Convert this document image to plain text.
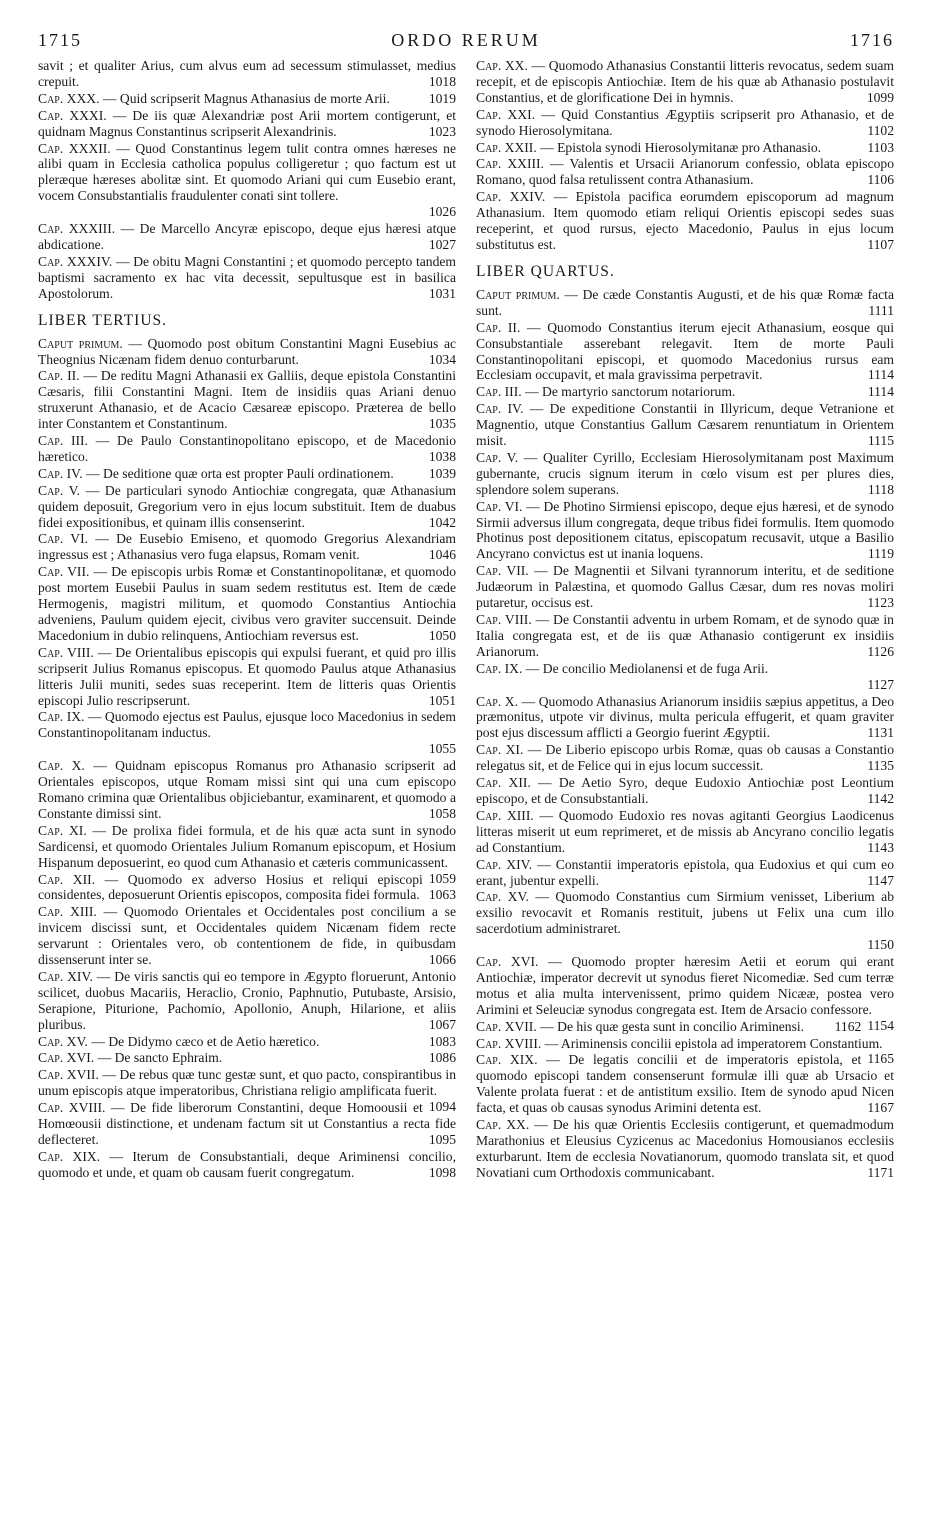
1715	ORDO RERUM	1716

savit ; et qualiter Arius, cum alvus eum ad secessum stimulasset, medius crepuit.	1018

Cap. XXX. — Quid scripserit Magnus Athanasius de morte Arii.	1019

Cap. XXXI. — De iis quæ Alexandriæ post Arii mortem contigerunt, et quidnam Magnus Constantinus scripserit Alexandrinis.	1023

Cap. XXXII. — Quod Constantinus legem tulit contra omnes hæreses ne alibi quam in Ecclesia catholica populus colligeretur ; quo factum est ut pleræque hæreses abolitæ sint. Et quomodo Ariani qui cum Eusebio erant, vocem Consubstantialis fraudulenter conati sint tollere.
1026

Cap. XXXIII. — De Marcello Ancyræ episcopo, deque ejus hæresi atque abdicatione.	1027

Cap. XXXIV. — De obitu Magni Constantini ; et quomodo percepto tandem baptismi sacramento ex hac vita decessit, sepultusque est in basilica Apostolorum.	1031

LIBER TERTIUS.

Caput primum. — Quomodo post obitum Constantini Magni Eusebius ac Theognius Nicænam fidem denuo conturbarunt.	1034

Cap. II. — De reditu Magni Athanasii ex Galliis, deque epistola Constantini Cæsaris, filii Constantini Magni. Item de insidiis quas Ariani denuo struxerunt Athanasio, et de Acacio Cæsareæ episcopo. Præterea de bello inter Constantem et Constantinum.	1035

Cap. III. — De Paulo Constantinopolitano episcopo, et de Macedonio hæretico.	1038

Cap. IV. — De seditione quæ orta est propter Pauli ordinationem.	1039

Cap. V. — De particulari synodo Antiochiæ congregata, quæ Athanasium quidem deposuit, Gregorium vero in ejus locum substituit. Item de duabus fidei expositionibus, et quinam illis consenserint.	1042

Cap. VI. — De Eusebio Emiseno, et quomodo Gregorius Alexandriam ingressus est ; Athanasius vero fuga elapsus, Romam venit.	1046

Cap. VII. — De episcopis urbis Romæ et Constantinopolitanæ, et quomodo post mortem Eusebii Paulus in suam sedem restitutus est. Item de cæde Hermogenis, magistri militum, et quomodo Constantius Antiochia adveniens, Paulum quidem ejecit, civibus vero graviter succensuit. Deinde Macedonium in dubio relinquens, Antiochiam reversus est.	1050

Cap. VIII. — De Orientalibus episcopis qui expulsi fuerant, et quid pro illis scripserit Julius Romanus episcopus. Et quomodo Paulus atque Athanasius litteris Julii muniti, sedes suas receperint. Item de litteris quas Orientis episcopi Julio rescripserunt.	1051

Cap. IX. — Quomodo ejectus est Paulus, ejusque loco Macedonius in sedem Constantinopolitanam inductus.
1055

Cap. X. — Quidnam episcopus Romanus pro Athanasio scripserit ad Orientales episcopos, utque Romam missi sint qui una cum episcopo Romano crimina quæ Orientalibus objiciebantur, examinarent, et quomodo a Constante dimissi sint.	1058

Cap. XI. — De prolixa fidei formula, et de his quæ acta sunt in synodo Sardicensi, et quomodo Orientales Julium Romanum episcopum, et Hosium Hispanum deposuerint, eo quod cum Athanasio et cæteris communicassent.
1059

Cap. XII. — Quomodo ex adverso Hosius et reliqui episcopi considentes, deposuerunt Orientis episcopos, composita fidei formula. 1063

Cap. XIII. — Quomodo Orientales et Occidentales post concilium a se invicem discissi sunt, et Occidentales quidem Nicænam fidem recte servarunt : Orientales vero, ob contentionem de fide, in quibusdam dissenserunt inter se.	1066

Cap. XIV. — De viris sanctis qui eo tempore in Ægypto floruerunt, Antonio scilicet, duobus Macariis, Heraclio, Cronio, Paphnutio, Putubaste, Arsisio, Serapione, Piturione, Pachomio, Apollonio, Anuph, Hilarione, et aliis pluribus.	1067

Cap. XV. — De Didymo cæco et de Aetio hæretico.	1083

Cap. XVI. — De sancto Ephraim.	1086

Cap. XVII. — De rebus quæ tunc gestæ sunt, et quo pacto, conspirantibus in unum episcopis atque imperatoribus, Christiana religio amplificata fuerit.
1094

Cap. XVIII. — De fide liberorum Constantini, deque Homoousii et Homœousii distinctione, et undenam factum sit ut Constantius a recta fide deflecteret.	1095

Cap. XIX. — Iterum de Consubstantiali, deque Ariminensi concilio, quomodo et unde, et quam ob causam fuerit congregatum.	1098

Cap. XX. — Quomodo Athanasius Constantii litteris revocatus, sedem suam recepit, et de episcopis Antiochiæ. Item de his quæ ab Athanasio postulavit Constantius, et de glorificatione Dei in hymnis.	1099

Cap. XXI. — Quid Constantius Ægyptiis scripserit pro Athanasio, et de synodo Hierosolymitana.	1102

Cap. XXII. — Epistola synodi Hierosolymitanæ pro Athanasio.	1103

Cap. XXIII. — Valentis et Ursacii Arianorum confessio, oblata episcopo Romano, quod falsa retulissent contra Athanasium.	1106

Cap. XXIV. — Epistola pacifica eorumdem episcoporum ad magnum Athanasium. Item quomodo etiam reliqui Orientis episcopi sedes suas receperint, et quod rursus, ejecto Macedonio, Paulus in ejus locum substitutus est.	1107

LIBER QUARTUS.

Caput primum. — De cæde Constantis Augusti, et de his quæ Romæ facta sunt.	1111

Cap. II. — Quomodo Constantius iterum ejecit Athanasium, eosque qui Consubstantiale asserebant relegavit. Item de morte Pauli Constantinopolitani episcopi, et quomodo Macedonius rursus eam Ecclesiam occupavit, et mala gravissima perpetravit.	1114

Cap. III. — De martyrio sanctorum notariorum.	1114

Cap. IV. — De expeditione Constantii in Illyricum, deque Vetranione et Magnentio, utque Constantius Gallum Cæsarem renuntiatum in Orientem misit.	1115

Cap. V. — Qualiter Cyrillo, Ecclesiam Hierosolymitanam post Maximum gubernante, crucis signum iterum in cœlo visum est per plures dies, splendore solem superans.	1118

Cap. VI. — De Photino Sirmiensi episcopo, deque ejus hæresi, et de synodo Sirmii adversus illum congregata, deque tribus fidei formulis. Item quomodo Photinus post depositionem citatus, episcopatum recusavit, utque a Basilio Ancyrano convictus est ut inania loquens.	1119

Cap. VII. — De Magnentii et Silvani tyrannorum interitu, et de seditione Judæorum in Palæstina, et quomodo Gallus Cæsar, dum res novas moliri putaretur, occisus est.	1123

Cap. VIII. — De Constantii adventu in urbem Romam, et de synodo quæ in Italia congregata est, et de iis quæ Athanasio contigerunt ex insidiis Arianorum.	1126

Cap. IX. — De concilio Mediolanensi et de fuga Arii.
1127

Cap. X. — Quomodo Athanasius Arianorum insidiis sæpius appetitus, a Deo præmonitus, utpote vir divinus, multa pericula effugerit, et quam graviter post ejus discessum afflicti a Georgio fuerint Ægyptii.	1131

Cap. XI. — De Liberio episcopo urbis Romæ, quas ob causas a Constantio relegatus sit, et de Felice qui in ejus locum successit.	1135

Cap. XII. — De Aetio Syro, deque Eudoxio Antiochiæ post Leontium episcopo, et de Consubstantiali.	1142

Cap. XIII. — Quomodo Eudoxio res novas agitanti Georgius Laodicenus litteras miserit ut eum reprimeret, et de missis ab Ancyrano concilio legatis ad Constantium.	1143

Cap. XIV. — Constantii imperatoris epistola, qua Eudoxius et qui cum eo erant, jubentur expelli.	1147

Cap. XV. — Quomodo Constantius cum Sirmium venisset, Liberium ab exsilio revocavit et Romanis restituit, jubens ut Felix una cum illo sacerdotium administraret.
1150

Cap. XVI. — Quomodo propter hæresim Aetii et eorum qui erant Antiochiæ, imperator decrevit ut synodus fieret Nicomediæ. Sed cum terræ motus et alia multa intervenissent, primo quidem Nicææ, postea vero Arimini et Seleuciæ synodus congregata est. Item de Arsacio confessore.
1154

Cap. XVII. — De his quæ gesta sunt in concilio Ariminensi. 1162

Cap. XVIII. — Ariminensis concilii epistola ad imperatorem Constantium.
1165

Cap. XIX. — De legatis concilii et de imperatoris epistola, et quomodo episcopi tandem consenserunt formulæ illi quæ ab Ursacio et Valente prolata fuerat : et de antistitum exsilio. Item de synodo apud Nicen facta, et quas ob causas synodus Arimini detenta est.	1167

Cap. XX. — De his quæ Orientis Ecclesiis contigerunt, et quemadmodum Marathonius et Eleusius Cyzicenus ac Macedonius Homousianos ecclesiis exturbarunt. Item de ecclesia Novatianorum, quomodo translata sit, et quod Novatiani cum Orthodoxis communicabant.	1171
